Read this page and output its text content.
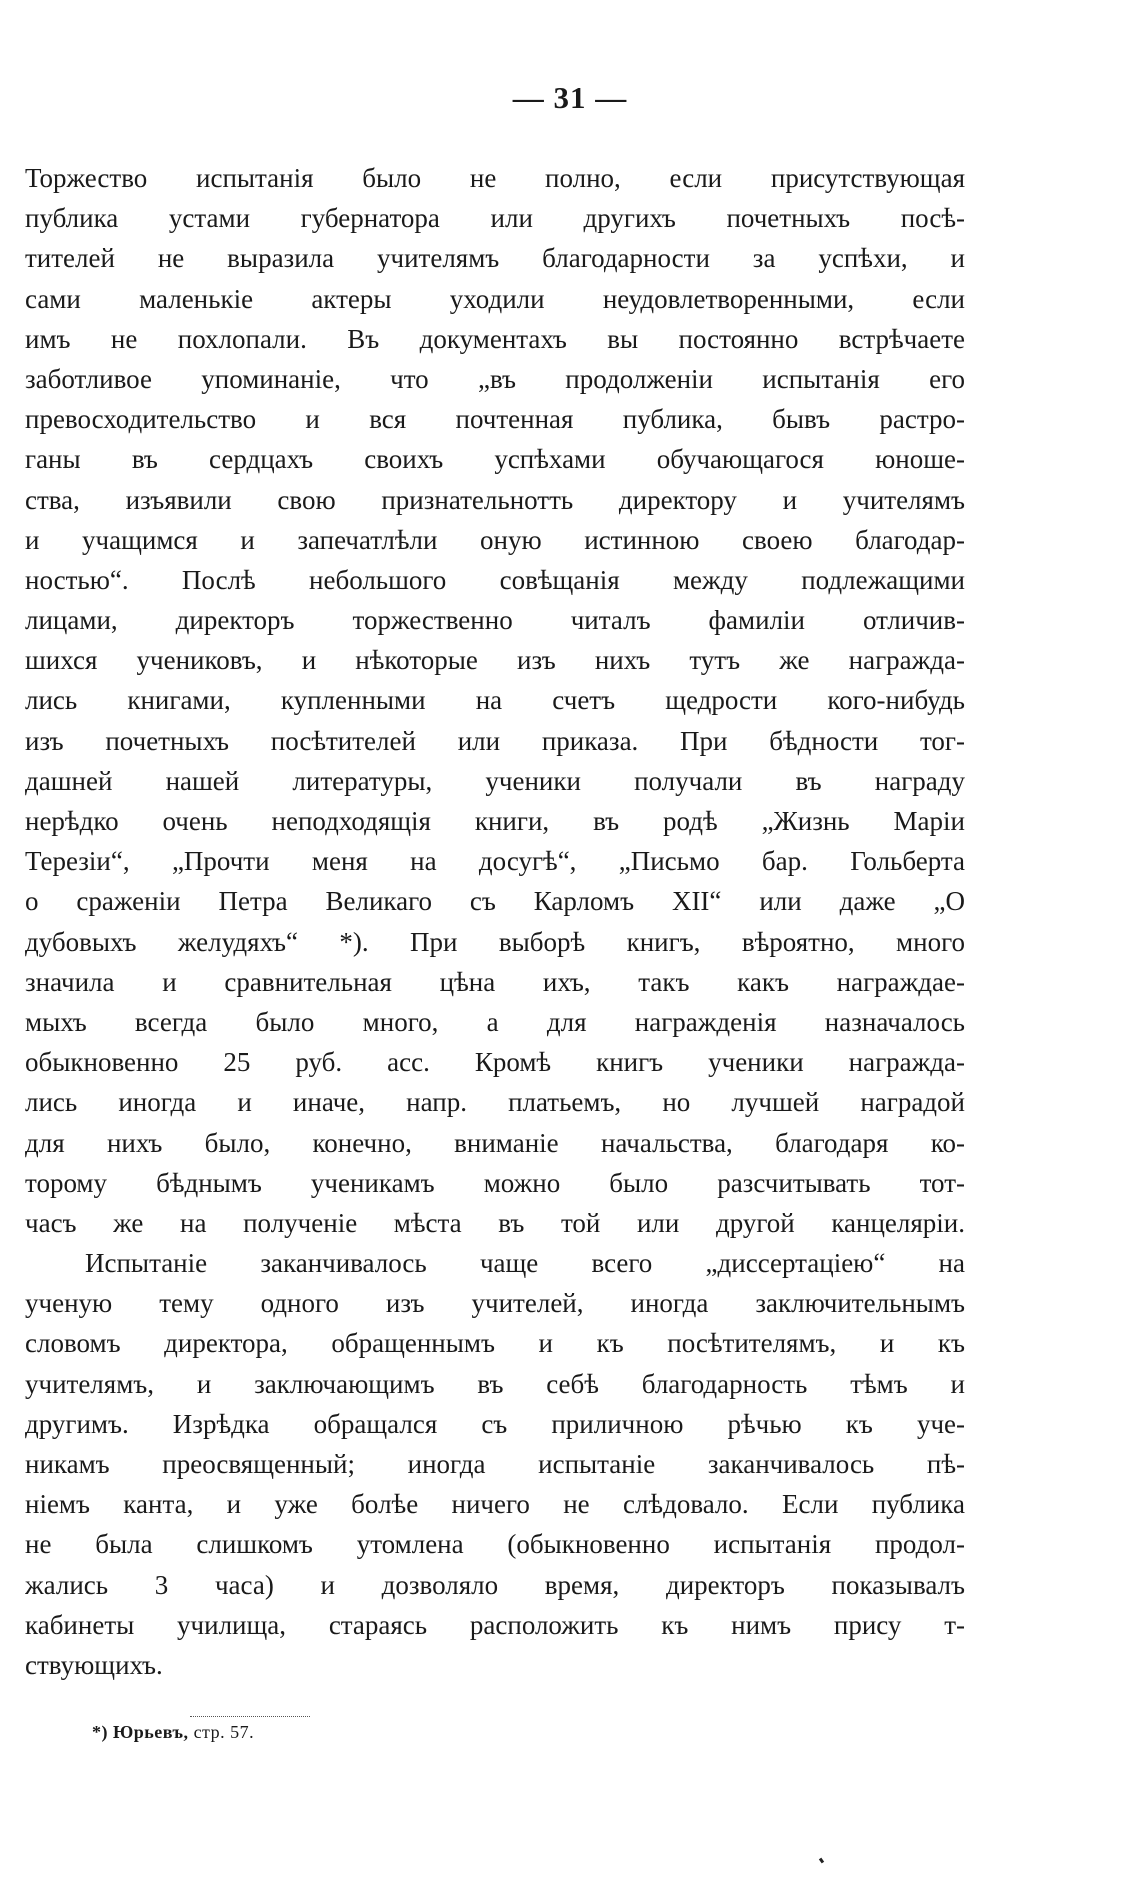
— 31 —
Торжество испытанія было не полно, если присутствующая
публика устами губернатора или другихъ почетныхъ посѣ-
тителей не выразила учителямъ благодарности за успѣхи, и
сами маленькіе актеры уходили неудовлетворенными, если
имъ не похлопали. Въ документахъ вы постоянно встрѣчаете
заботливое упоминаніе, что „въ продолженіи испытанія его
превосходительство и вся почтенная публика, бывъ растро-
ганы въ сердцахъ своихъ успѣхами обучающагося юноше-
ства, изъявили свою признательнотть директору и учителямъ
и учащимся и запечатлѣли оную истинною своею благодар-
ностью“. Послѣ небольшого совѣщанія между подлежащими
лицами, директоръ торжественно читалъ фамиліи отличив-
шихся учениковъ, и нѣкоторые изъ нихъ тутъ же награжда-
лись книгами, купленными на счетъ щедрости кого-нибудь
изъ почетныхъ посѣтителей или приказа. При бѣдности тог-
дашней нашей литературы, ученики получали въ награду
нерѣдко очень неподходящія книги, въ родѣ „Жизнь Маріи
Терезіи“, „Прочти меня на досугѣ“, „Письмо бар. Гольберта
о сраженіи Петра Великаго съ Карломъ XII“ или даже „О
дубовыхъ желудяхъ“ *). При выборѣ книгъ, вѣроятно, много
значила и сравнительная цѣна ихъ, такъ какъ награждае-
мыхъ всегда было много, а для награжденія назначалось
обыкновенно 25 руб. асс. Кромѣ книгъ ученики награжда-
лись иногда и иначе, напр. платьемъ, но лучшей наградой
для нихъ было, конечно, вниманіе начальства, благодаря ко-
торому бѣднымъ ученикамъ можно было разсчитывать тот-
часъ же на полученіе мѣста въ той или другой канцеляріи.
Испытаніе заканчивалось чаще всего „диссертаціею“ на
ученую тему одного изъ учителей, иногда заключительнымъ
словомъ директора, обращеннымъ и къ посѣтителямъ, и къ
учителямъ, и заключающимъ въ себѣ благодарность тѣмъ и
другимъ. Изрѣдка обращался съ приличною рѣчью къ уче-
никамъ преосвященный; иногда испытаніе заканчивалось пѣ-
ніемъ канта, и уже болѣе ничего не слѣдовало. Если публика
не была слишкомъ утомлена (обыкновенно испытанія продол-
жались 3 часа) и дозволяло время, директоръ показывалъ
кабинеты училища, стараясь расположить къ нимъ прису т-
ствующихъ.
*) Юрьевъ, стр. 57.
